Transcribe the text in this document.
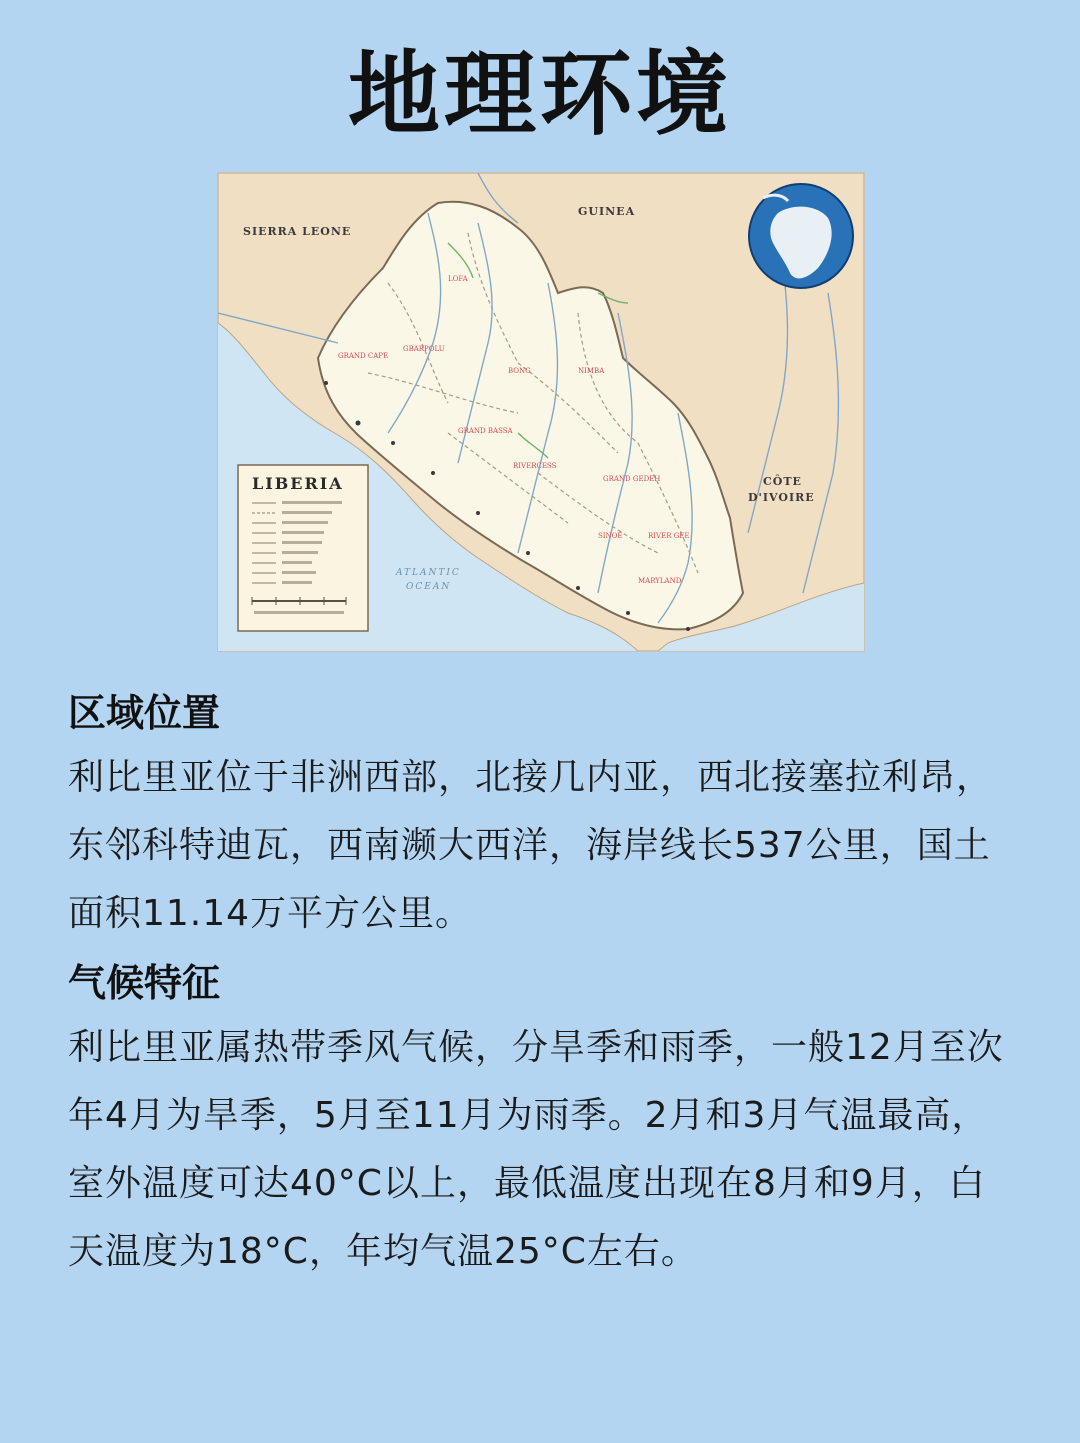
地理环境
LOFA
GRAND CAPE
GBARPOLU
BONG	NIMBA
GRAND BASSA
RIVERCESS
GRAND GEDEH
SINOE	RIVER GEE
MARYLAND
SIERRA LEONE
GUINEA
CÔTE
D'IVOIRE
ATLANTIC
OCEAN
LIBERIA
区域位置

利比里亚位于非洲西部，北接几内亚，西北接塞拉利昂，东邻科特迪瓦，西南濒大西洋，海岸线长537公里，国土面积11.14万平方公里。

气候特征

利比里亚属热带季风气候，分旱季和雨季，一般12月至次年4月为旱季，5月至11月为雨季。2月和3月气温最高，室外温度可达40°C以上，最低温度出现在8月和9月，白天温度为18°C，年均气温25°C左右。
